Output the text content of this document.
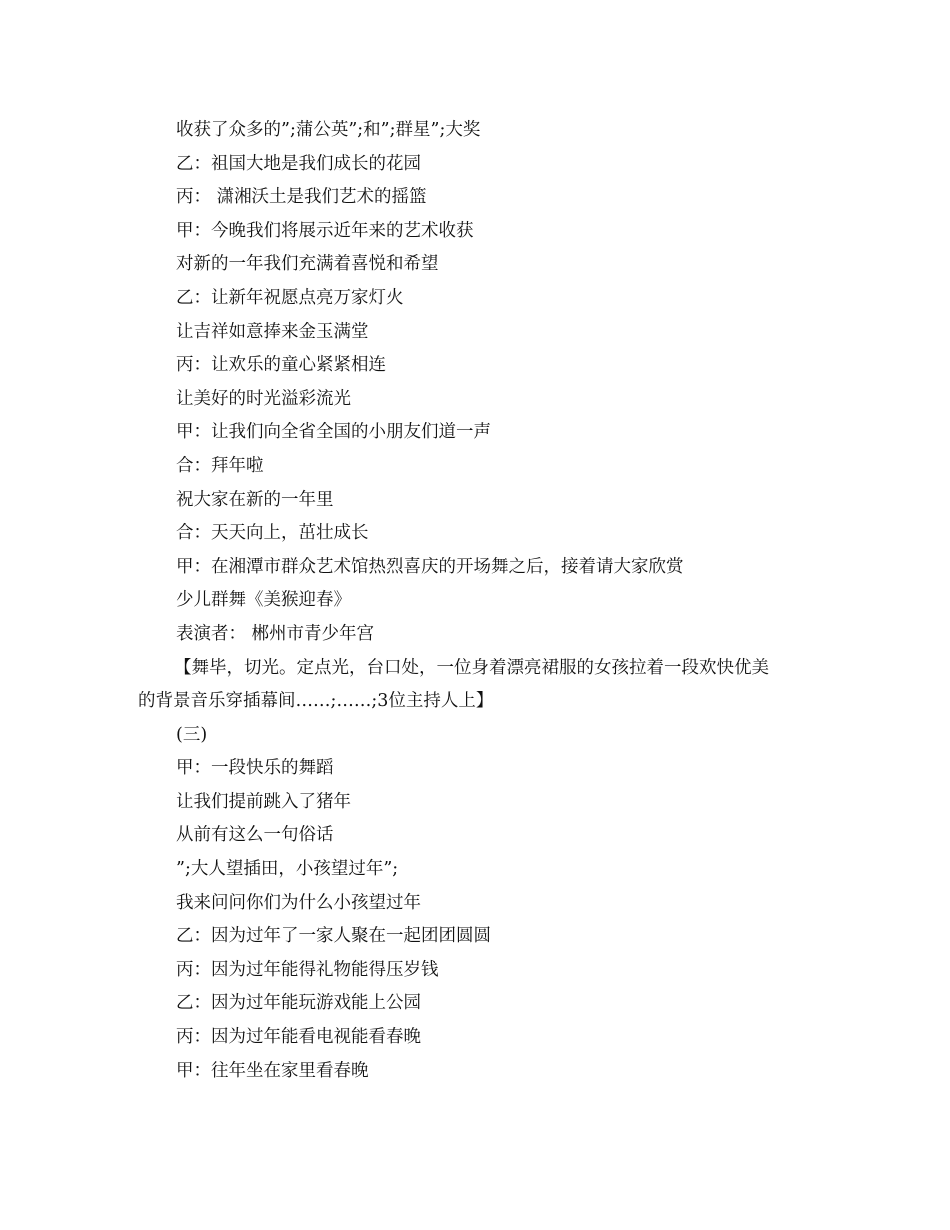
收获了众多的”;蒲公英”;和”;群星”;大奖
乙：祖国大地是我们成长的花园
丙： 潇湘沃土是我们艺术的摇篮
甲：今晚我们将展示近年来的艺术收获
对新的一年我们充满着喜悦和希望
乙：让新年祝愿点亮万家灯火
让吉祥如意捧来金玉满堂
丙：让欢乐的童心紧紧相连
让美好的时光溢彩流光
甲：让我们向全省全国的小朋友们道一声
合：拜年啦
祝大家在新的一年里
合：天天向上，茁壮成长
甲：在湘潭市群众艺术馆热烈喜庆的开场舞之后，接着请大家欣赏
少儿群舞《美猴迎春》
表演者： 郴州市青少年宫
【舞毕，切光。定点光，台口处，一位身着漂亮裙服的女孩拉着一段欢快优美
的背景音乐穿插幕间……;……;3位主持人上】
(三)
甲：一段快乐的舞蹈
让我们提前跳入了猪年
从前有这么一句俗话
”;大人望插田，小孩望过年”;
我来问问你们为什么小孩望过年
乙：因为过年了一家人聚在一起团团圆圆
丙：因为过年能得礼物能得压岁钱
乙：因为过年能玩游戏能上公园
丙：因为过年能看电视能看春晚
甲：往年坐在家里看春晚
